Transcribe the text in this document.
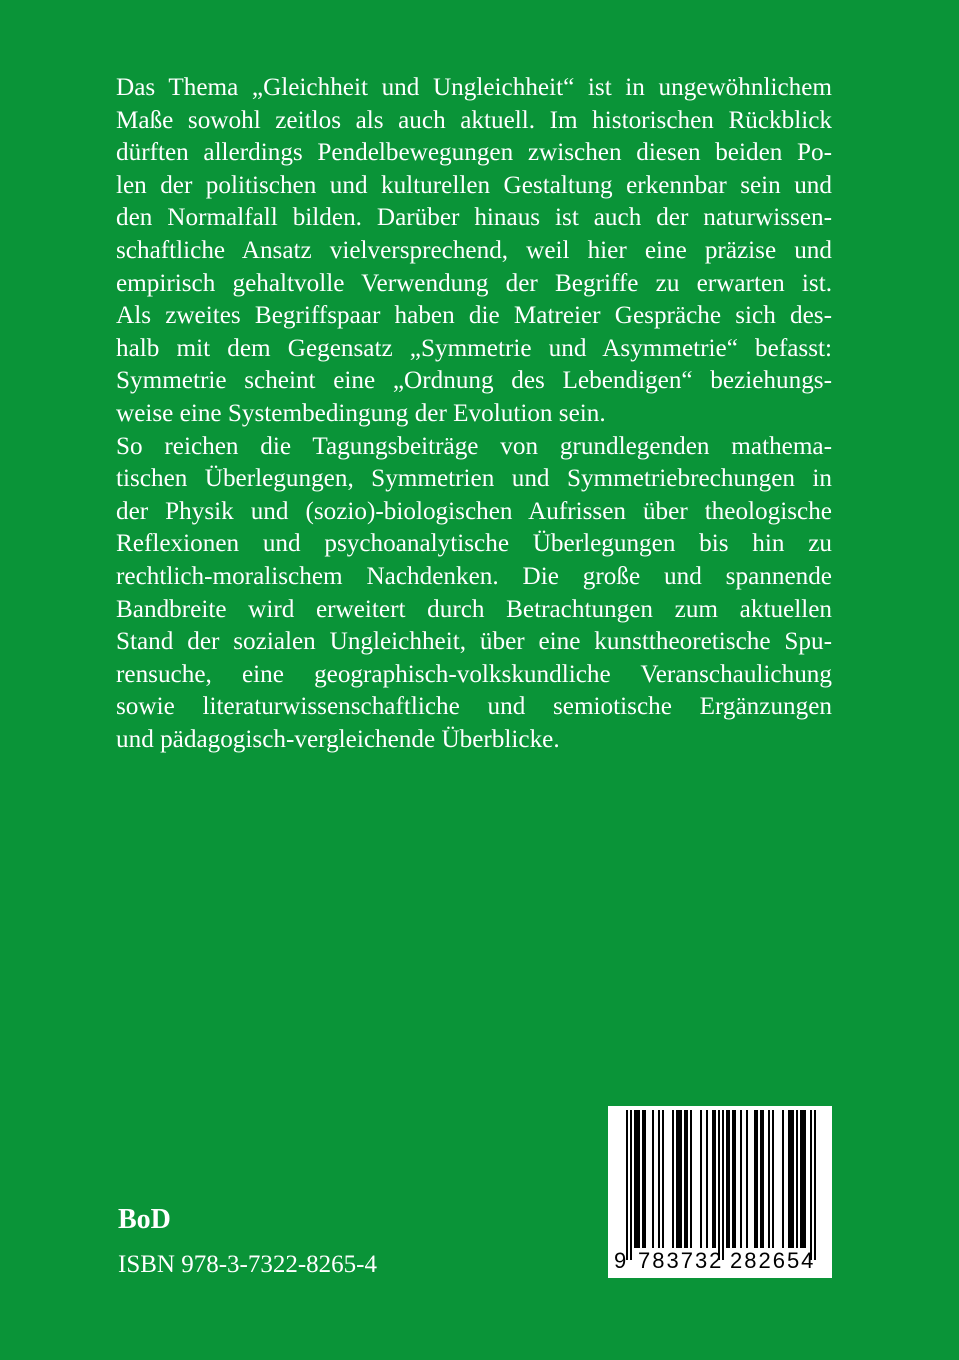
Das Thema „Gleichheit und Ungleichheit“ ist in ungewöhnlichem
Maße sowohl zeitlos als auch aktuell. Im historischen Rückblick
dürften allerdings Pendelbewegungen zwischen diesen beiden Po-
len der politischen und kulturellen Gestaltung erkennbar sein und
den Normalfall bilden. Darüber hinaus ist auch der naturwissen-
schaftliche Ansatz vielversprechend, weil hier eine präzise und
empirisch gehaltvolle Verwendung der Begriffe zu erwarten ist.
Als zweites Begriffspaar haben die Matreier Gespräche sich des-
halb mit dem Gegensatz „Symmetrie und Asymmetrie“ befasst:
Symmetrie scheint eine „Ordnung des Lebendigen“ beziehungs-
weise eine Systembedingung der Evolution sein.
So reichen die Tagungsbeiträge von grundlegenden mathema-
tischen Überlegungen, Symmetrien und Symmetriebrechungen in
der Physik und (sozio)-biologischen Aufrissen über theologische
Reflexionen und psychoanalytische Überlegungen bis hin zu
rechtlich-moralischem Nachdenken. Die große und spannende
Bandbreite wird erweitert durch Betrachtungen zum aktuellen
Stand der sozialen Ungleichheit, über eine kunsttheoretische Spu-
rensuche, eine geographisch-volkskundliche Veranschaulichung
sowie literaturwissenschaftliche und semiotische Ergänzungen
und pädagogisch-vergleichende Überblicke.
BoD
ISBN 978-3-7322-8265-4	9 783732 282654
